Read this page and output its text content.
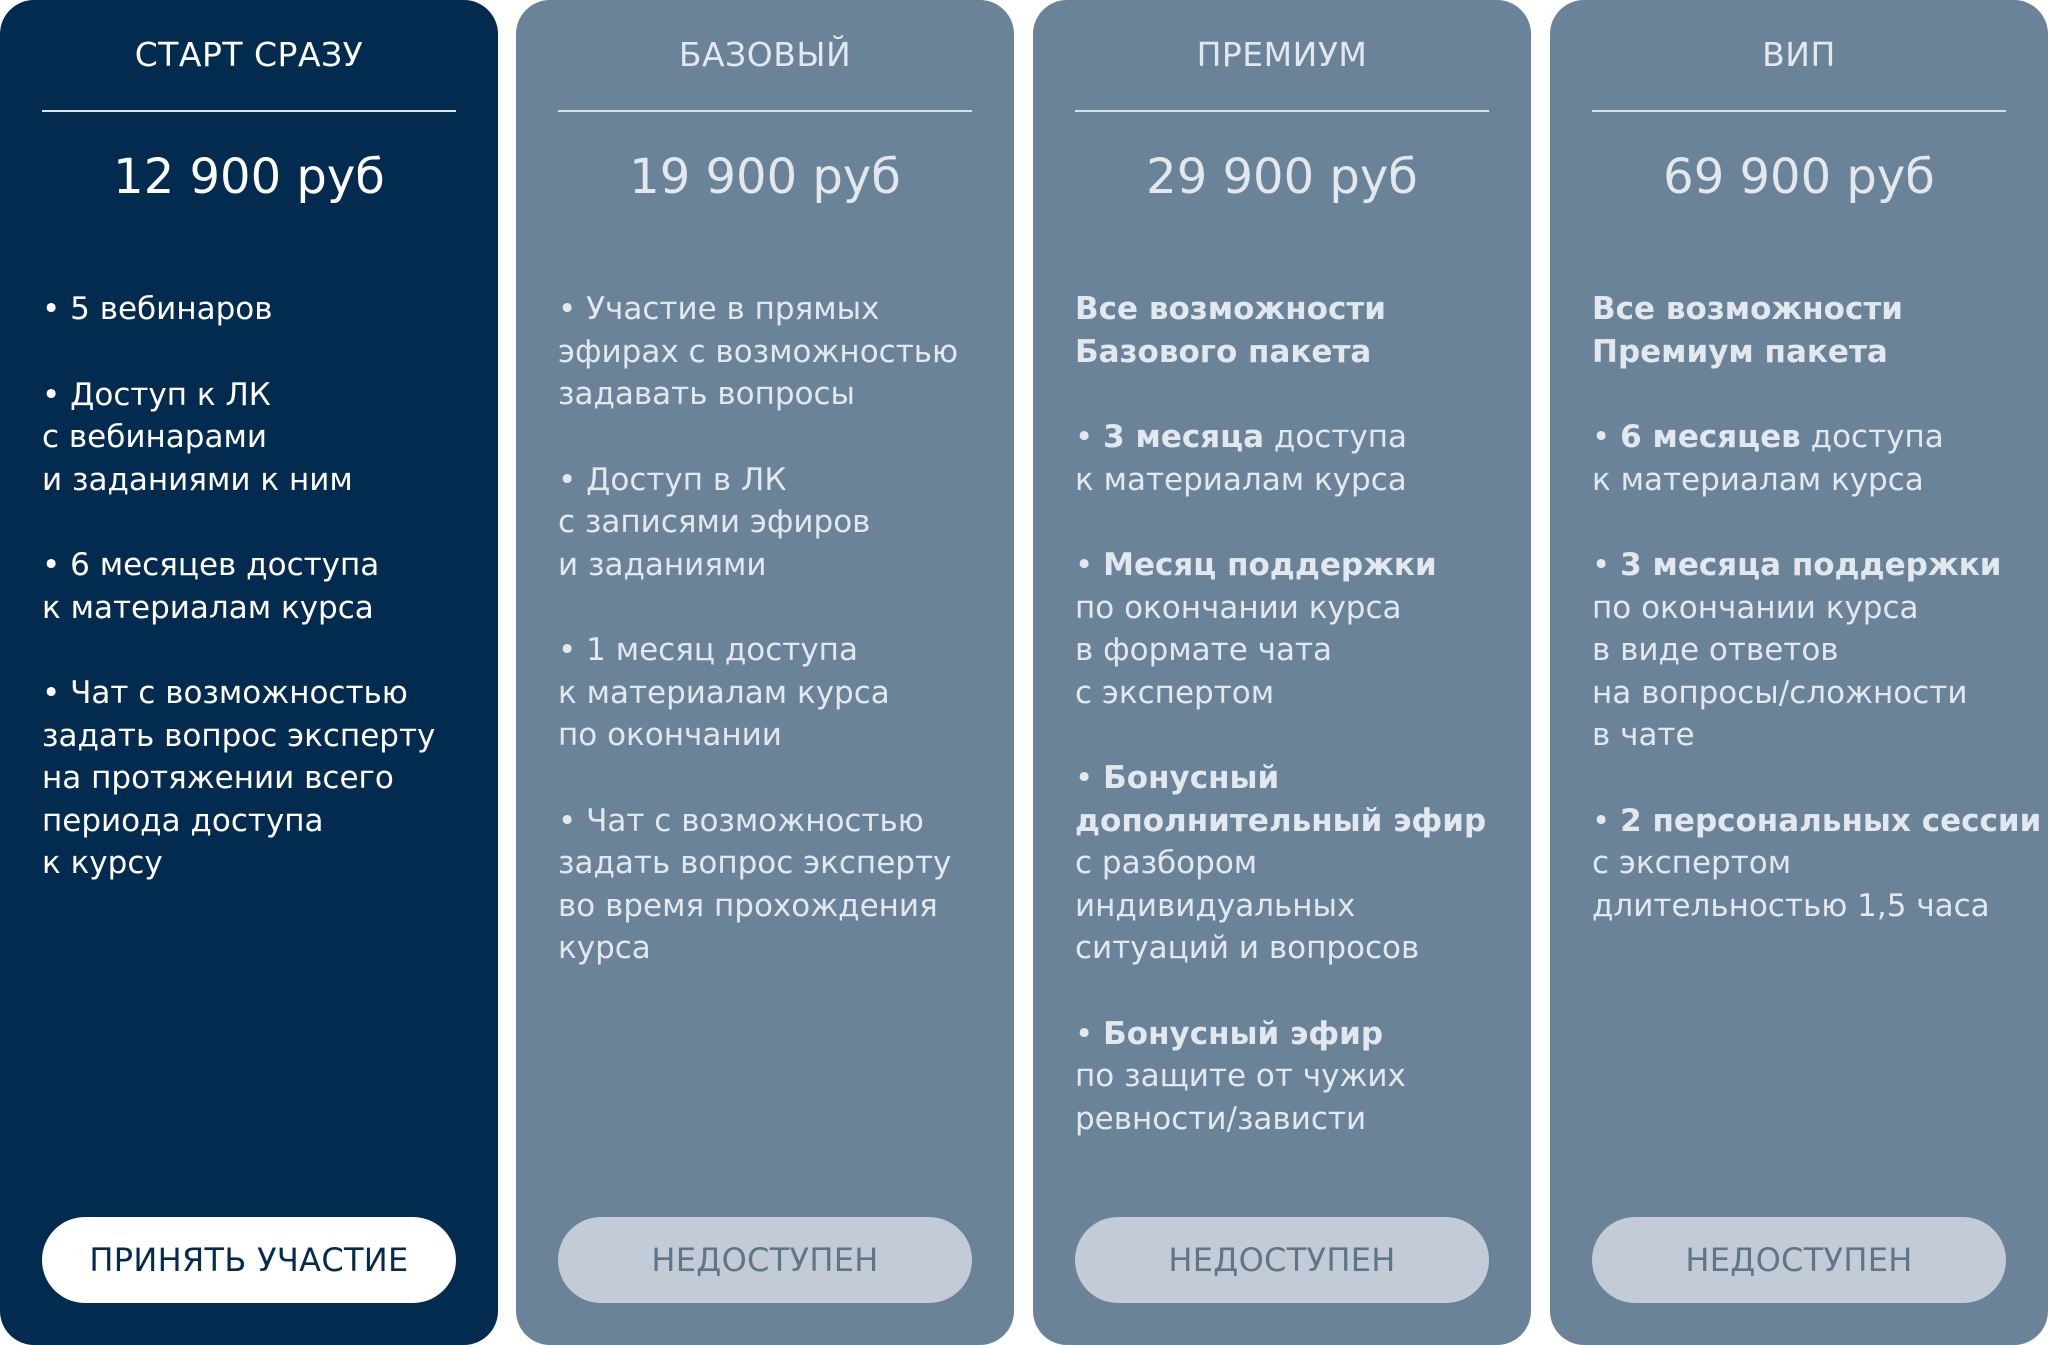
СТАРТ СРАЗУ
12 900 руб
• 5 вебинаров
• Доступ к ЛК
с вебинарами
и заданиями к ним
• 6 месяцев доступа
к материалам курса
• Чат с возможностью
задать вопрос эксперту
на протяжении всего
периода доступа
к курсу
ПРИНЯТЬ УЧАСТИЕ
БАЗОВЫЙ
19 900 руб
• Участие в прямых
эфирах с возможностью
задавать вопросы
• Доступ в ЛК
с записями эфиров
и заданиями
• 1 месяц доступа
к материалам курса
по окончании
• Чат с возможностью
задать вопрос эксперту
во время прохождения
курса
НЕДОСТУПЕН
ПРЕМИУМ
29 900 руб
Все возможности
Базового пакета
• 3 месяца доступа
к материалам курса
• Месяц поддержки
по окончании курса
в формате чата
с экспертом
• Бонусный
дополнительный эфир
с разбором
индивидуальных
ситуаций и вопросов
• Бонусный эфир
по защите от чужих
ревности/зависти
НЕДОСТУПЕН
ВИП
69 900 руб
Все возможности
Премиум пакета
• 6 месяцев доступа
к материалам курса
• 3 месяца поддержки
по окончании курса
в виде ответов
на вопросы/сложности
в чате
• 2 персональных сессии
с экспертом
длительностью 1,5 часа
НЕДОСТУПЕН
